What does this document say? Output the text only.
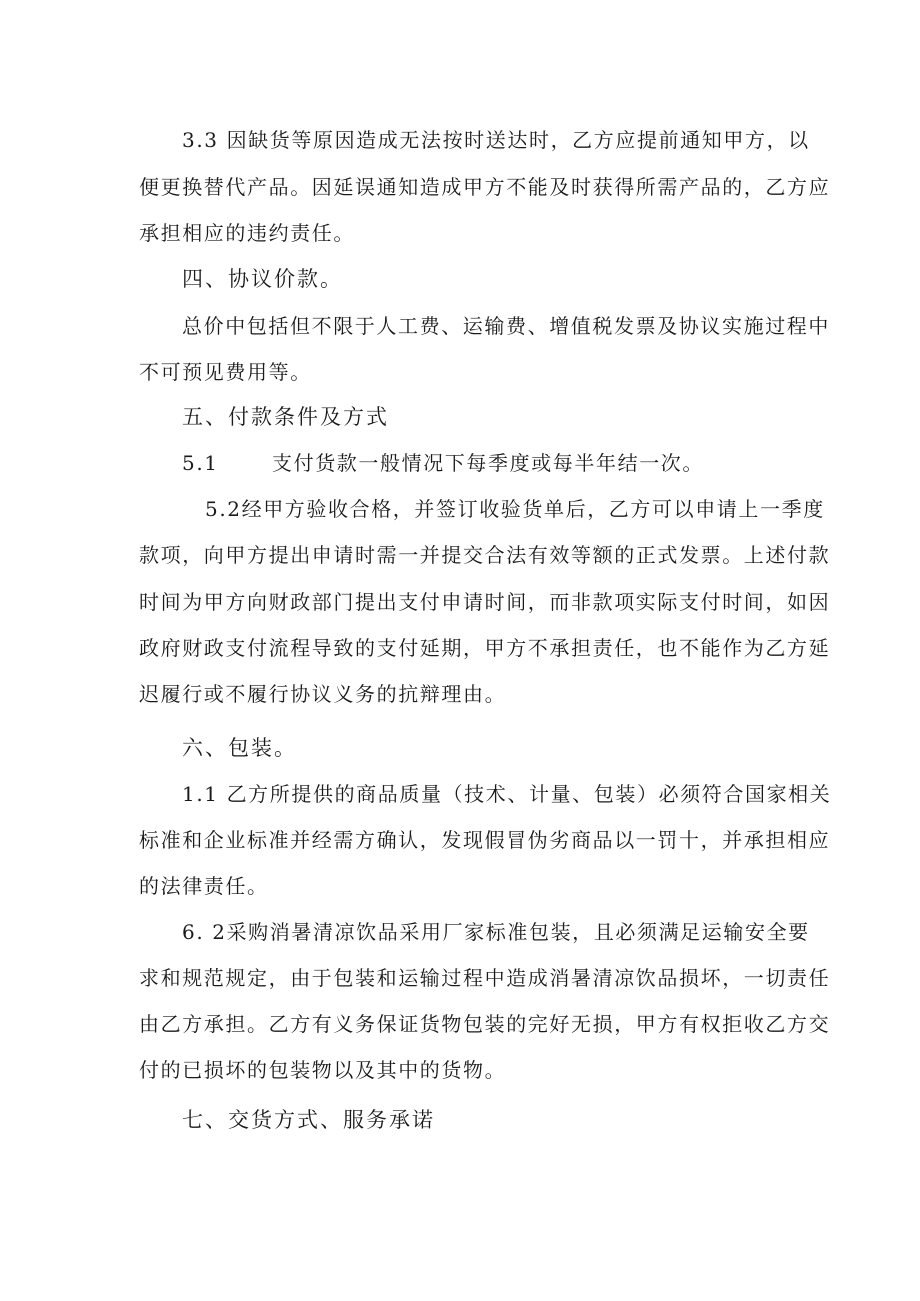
3.3 因缺货等原因造成无法按时送达时，乙方应提前通知甲方，以
便更换替代产品。因延误通知造成甲方不能及时获得所需产品的，乙方应
承担相应的违约责任。
四、协议价款。
总价中包括但不限于人工费、运输费、增值税发票及协议实施过程中
不可预见费用等。
五、付款条件及方式
5.1	支付货款一般情况下每季度或每半年结一次。
5.2经甲方验收合格，并签订收验货单后，乙方可以申请上一季度
款项，向甲方提出申请时需一并提交合法有效等额的正式发票。上述付款
时间为甲方向财政部门提出支付申请时间，而非款项实际支付时间，如因
政府财政支付流程导致的支付延期，甲方不承担责任，也不能作为乙方延
迟履行或不履行协议义务的抗辩理由。
六、包装。
1.1 乙方所提供的商品质量（技术、计量、包装）必须符合国家相关
标准和企业标准并经需方确认，发现假冒伪劣商品以一罚十，并承担相应
的法律责任。
6. 2采购消暑清凉饮品采用厂家标准包装，且必须满足运输安全要
求和规范规定，由于包装和运输过程中造成消暑清凉饮品损坏，一切责任
由乙方承担。乙方有义务保证货物包装的完好无损，甲方有权拒收乙方交
付的已损坏的包装物以及其中的货物。
七、交货方式、服务承诺
